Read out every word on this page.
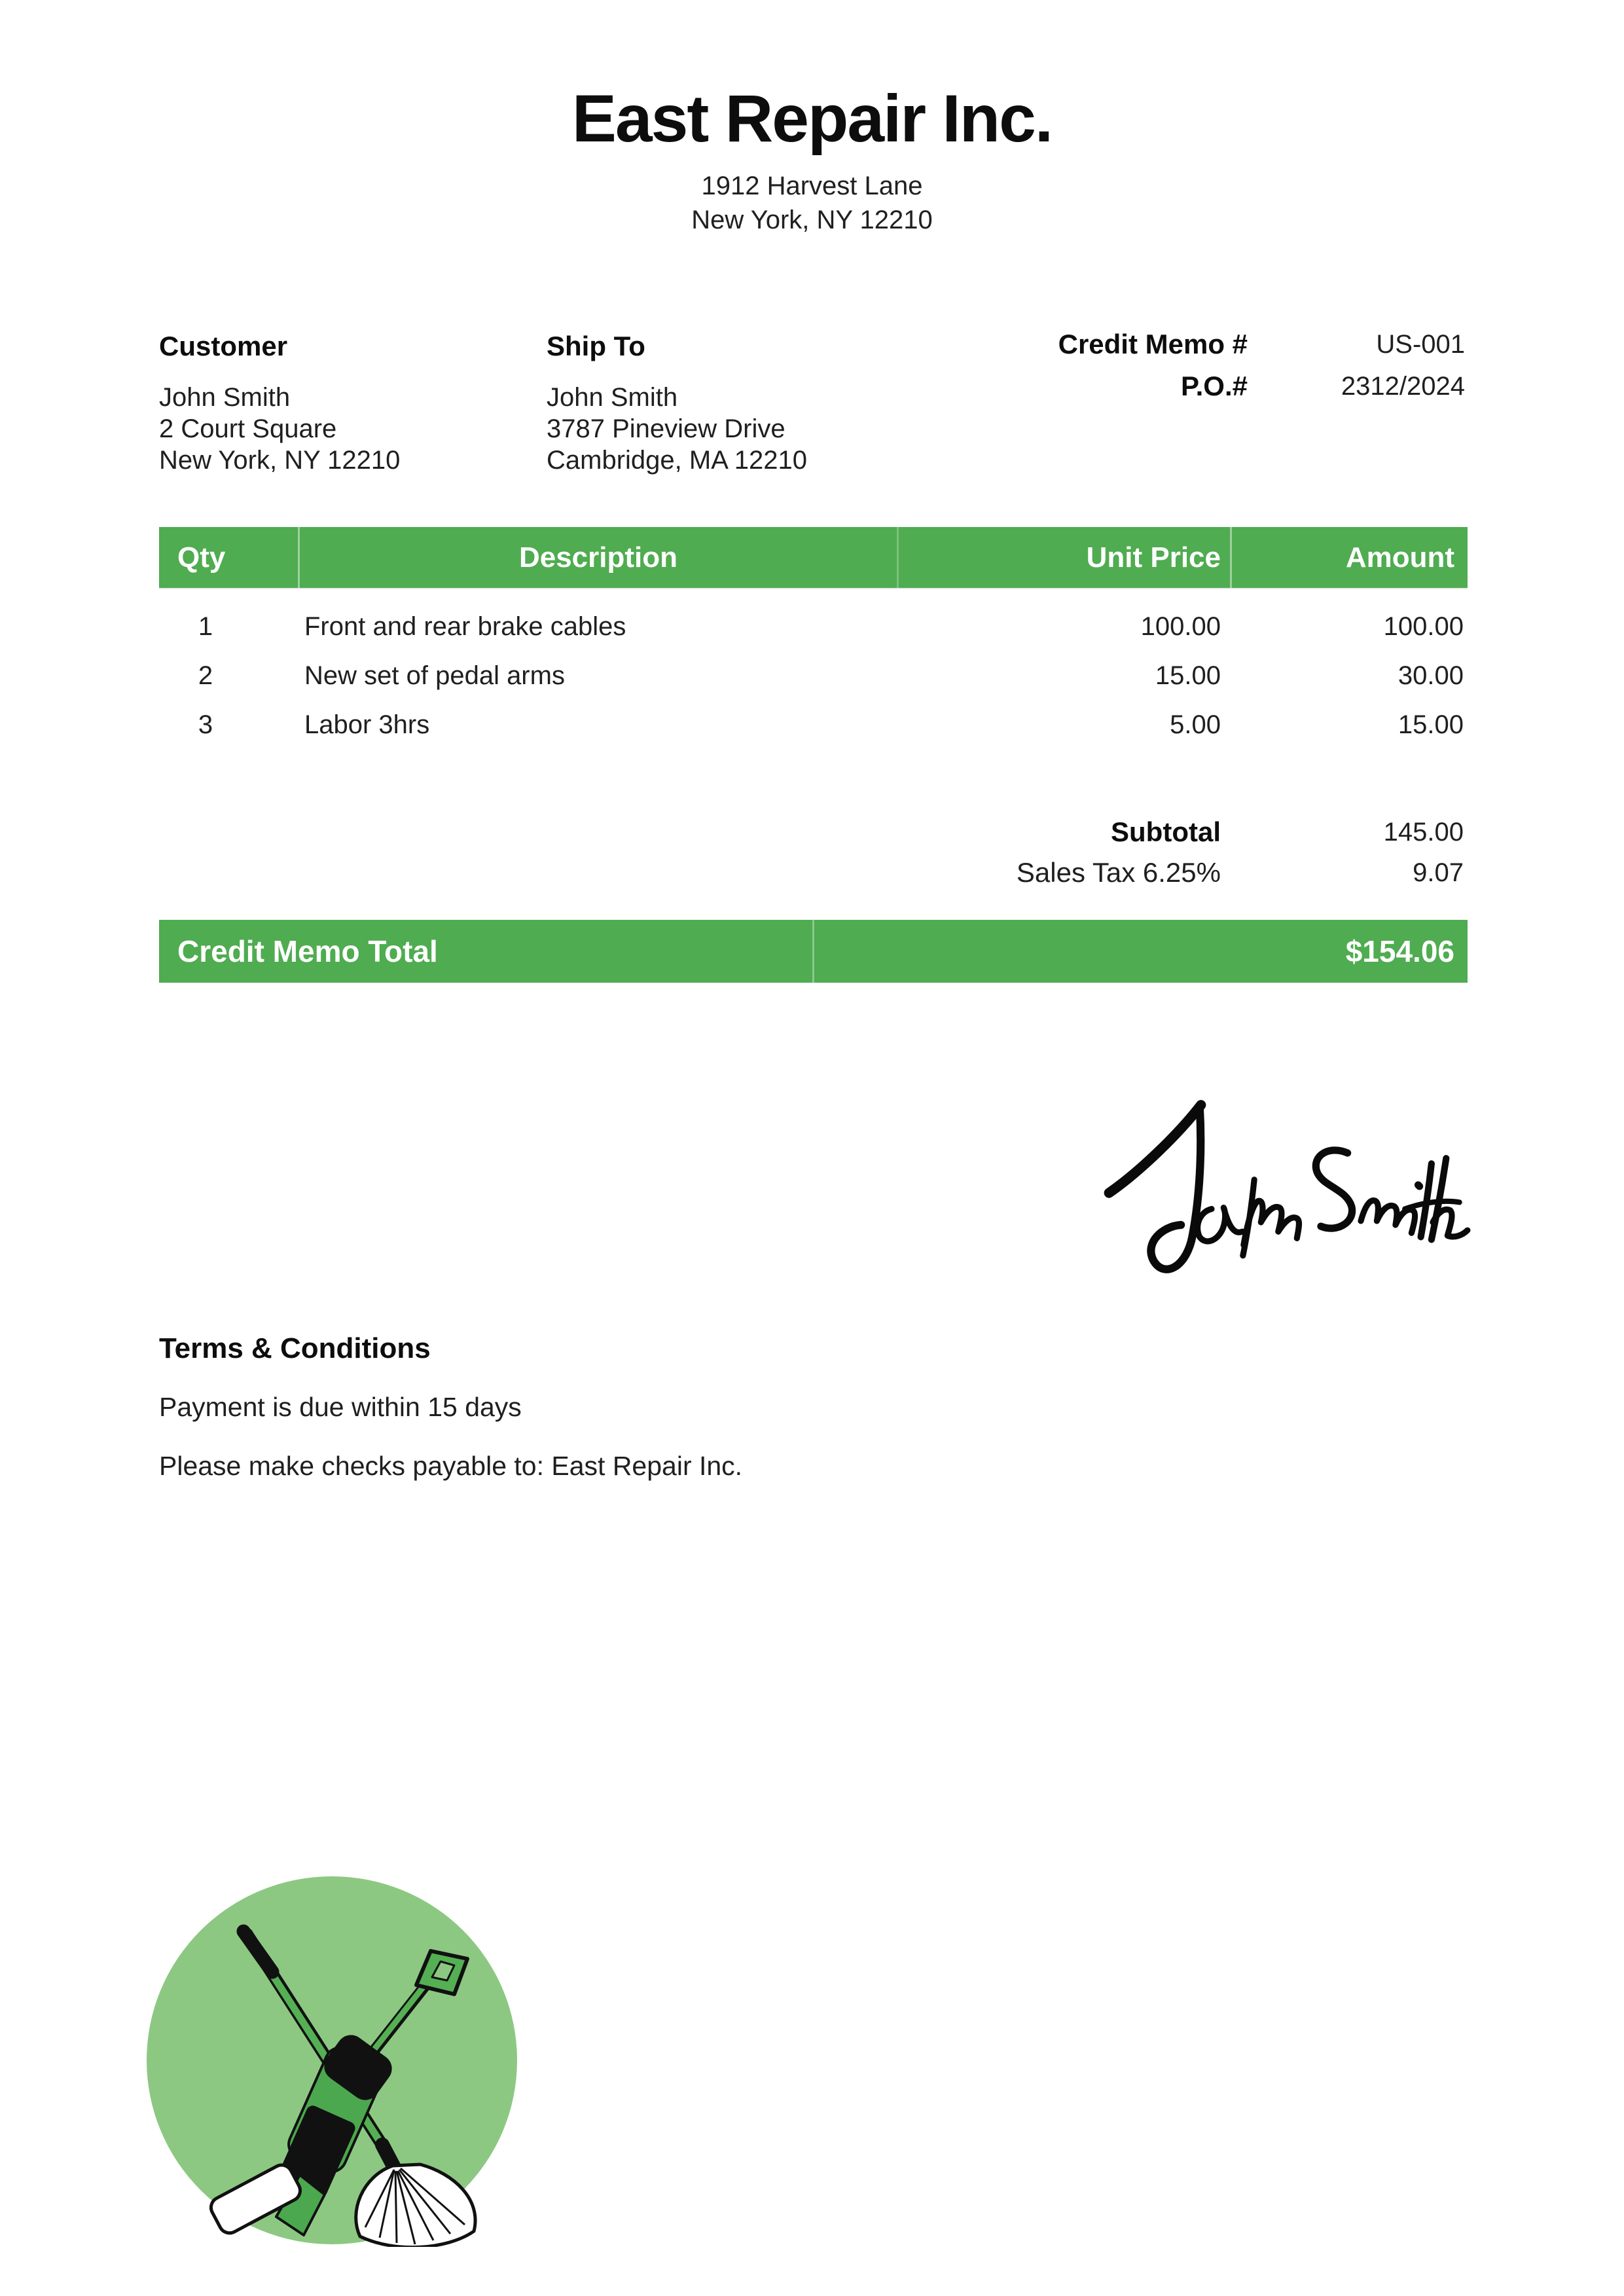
East Repair Inc.
1912 Harvest Lane
New York, NY 12210
Customer
John Smith
2 Court Square
New York, NY 12210
Ship To
John Smith
3787 Pineview Drive
Cambridge, MA 12210
Credit Memo #	US-001
P.O.#	2312/2024
Qty	Description	Unit Price	Amount
1	Front and rear brake cables	100.00	100.00
2	New set of pedal arms	15.00	30.00
3	Labor 3hrs	5.00	15.00
Subtotal	145.00
Sales Tax 6.25%	9.07
Credit Memo Total	$154.06
Terms & Conditions
Payment is due within 15 days
Please make checks payable to: East Repair Inc.
